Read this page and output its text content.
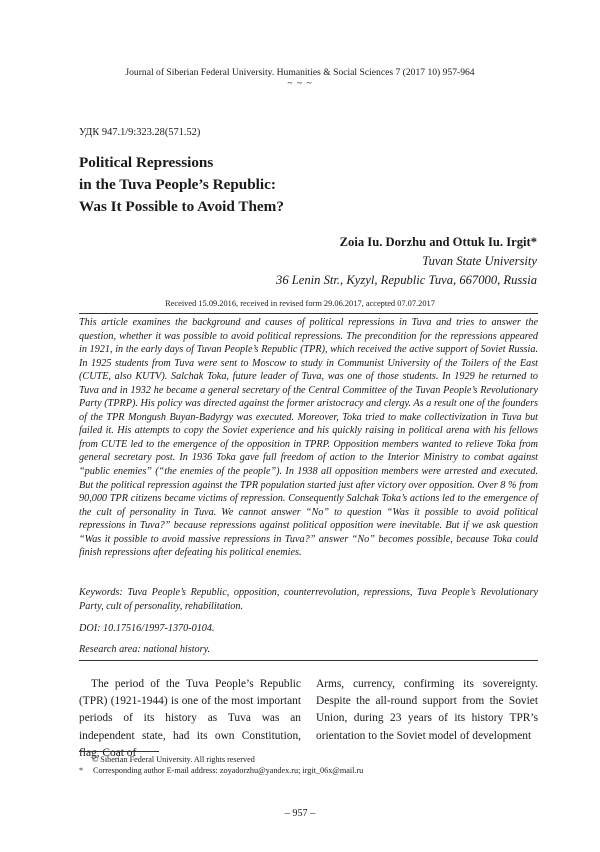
Journal of Siberian Federal University. Humanities & Social Sciences 7 (2017 10) 957-964
~ ~ ~
УДК 947.1/9:323.28(571.52)
Political Repressions
in the Tuva People’s Republic:
Was It Possible to Avoid Them?
Zoia Iu. Dorzhu and Ottuk Iu. Irgit*
Tuvan State University
36 Lenin Str., Kyzyl, Republic Tuva, 667000, Russia
Received 15.09.2016, received in revised form 29.06.2017, accepted 07.07.2017

This article examines the background and causes of political repressions in Tuva and tries to answer the question, whether it was possible to avoid political repressions. The precondition for the repressions appeared in 1921, in the early days of Tuvan People’s Republic (TPR), which received the active support of Soviet Russia. In 1925 students from Tuva were sent to Moscow to study in Communist University of the Toilers of the East (CUTE, also KUTV). Salchak Toka, future leader of Tuva, was one of those students. In 1929 he returned to Tuva and in 1932 he became a general secretary of the Central Committee of the Tuvan People’s Revolutionary Party (TPRP). His policy was directed against the former aristocracy and clergy. As a result one of the founders of the TPR Mongush Buyan-Badyrgy was executed. Moreover, Toka tried to make collectivization in Tuva but failed it. His attempts to copy the Soviet experience and his quickly raising in political arena with his fellows from CUTE led to the emergence of the opposition in TPRP. Opposition members wanted to relieve Toka from general secretary post. In 1936 Toka gave full freedom of action to the Interior Ministry to combat against “public enemies” (“the enemies of the people”). In 1938 all opposition members were arrested and executed. But the political repression against the TPR population started just after victory over opposition. Over 8 % from 90,000 TPR citizens became victims of repression. Consequently Salchak Toka’s actions led to the emergence of the cult of personality in Tuva. We cannot answer “No” to question “Was it possible to avoid political repressions in Tuva?” because repressions against political opposition were inevitable. But if we ask question “Was it possible to avoid massive repressions in Tuva?” answer “No” becomes possible, because Toka could finish repressions after defeating his political enemies.

Keywords: Tuva People’s Republic, opposition, counterrevolution, repressions, Tuva People’s Revolutionary Party, cult of personality, rehabilitation.

DOI: 10.17516/1997-1370-0104.

Research area: national history.

The period of the Tuva People’s Republic (TPR) (1921-1944) is one of the most important periods of its history as Tuva was an independent state, had its own Constitution, flag, Coat of

Arms, currency, confirming its sovereignty. Despite the all-round support from the Soviet Union, during 23 years of its history TPR’s orientation to the Soviet model of development

© Siberian Federal University. All rights reserved
* Corresponding author E-mail address: zoyadorzhu@yandex.ru; irgit_06x@mail.ru
– 957 –
